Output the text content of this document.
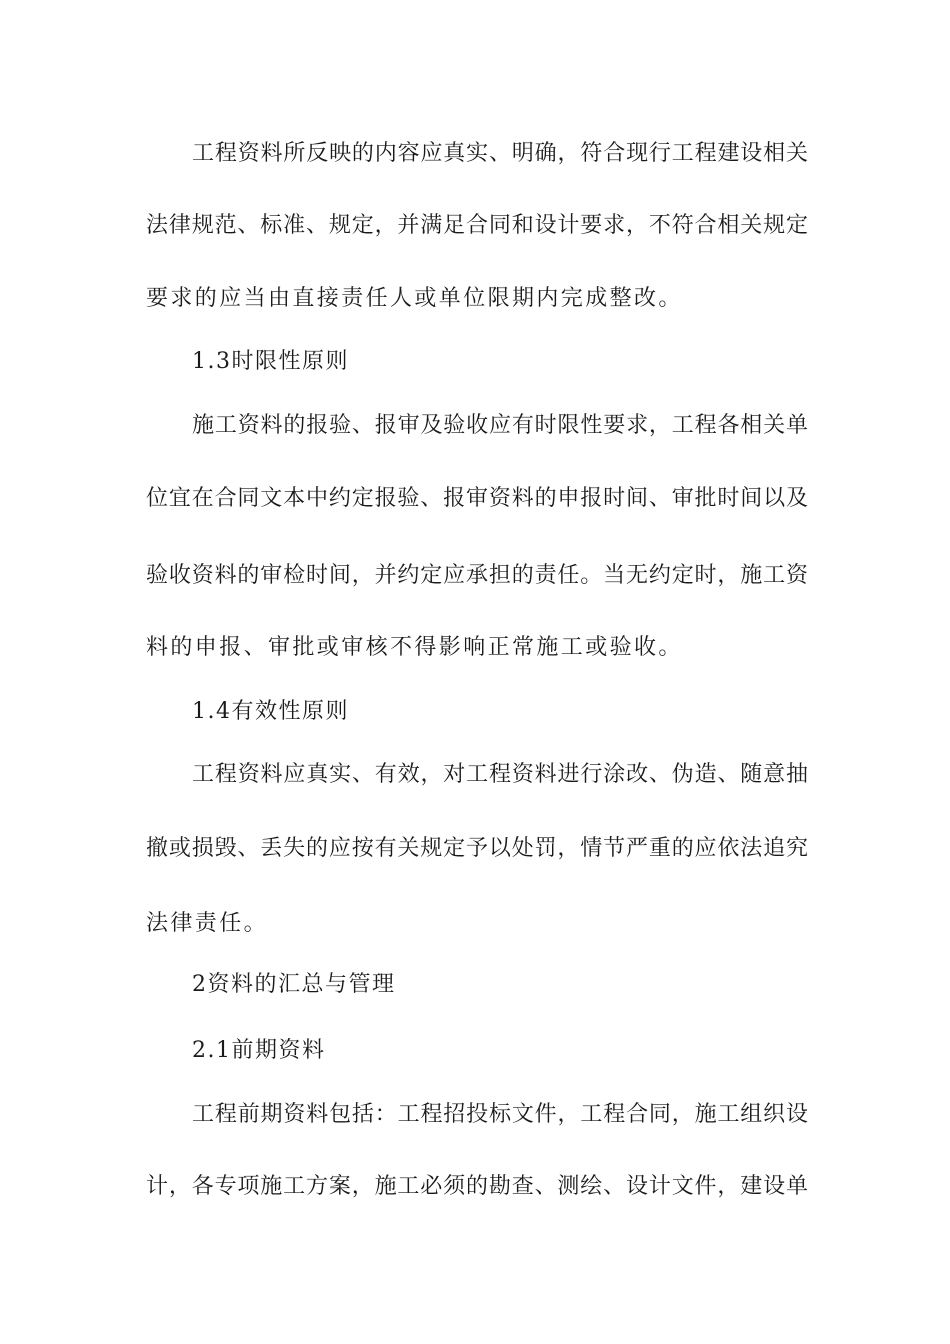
工程资料所反映的内容应真实、明确，符合现行工程建设相关
法律规范、标准、规定，并满足合同和设计要求，不符合相关规定
要求的应当由直接责任人或单位限期内完成整改。
1.3时限性原则
施工资料的报验、报审及验收应有时限性要求，工程各相关单
位宜在合同文本中约定报验、报审资料的申报时间、审批时间以及
验收资料的审检时间，并约定应承担的责任。当无约定时，施工资
料的申报、审批或审核不得影响正常施工或验收。
1.4有效性原则
工程资料应真实、有效，对工程资料进行涂改、伪造、随意抽
撤或损毁、丢失的应按有关规定予以处罚，情节严重的应依法追究
法律责任。
2资料的汇总与管理
2.1前期资料
工程前期资料包括：工程招投标文件，工程合同，施工组织设
计，各专项施工方案，施工必须的勘查、测绘、设计文件，建设单
